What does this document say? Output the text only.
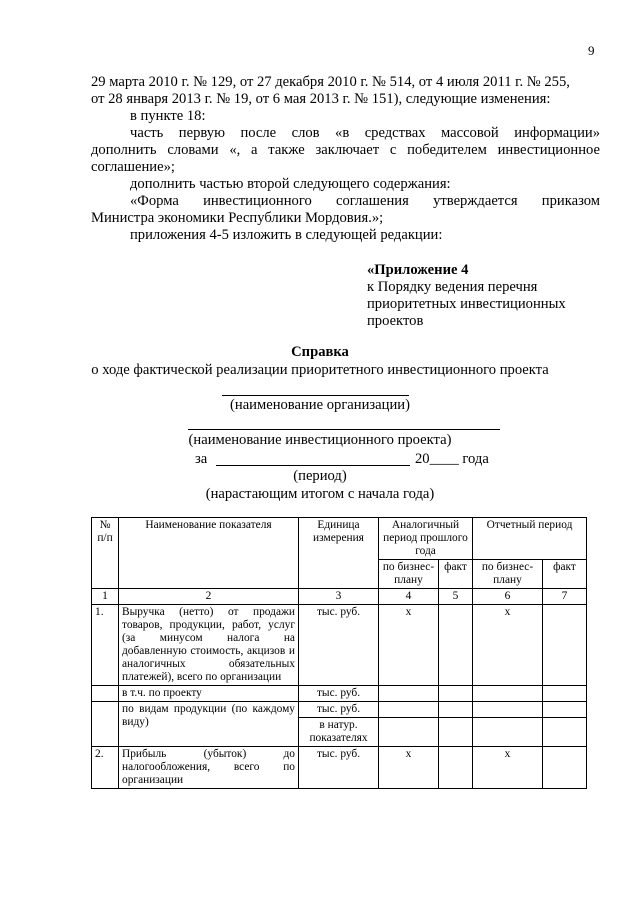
9
29 марта 2010 г. № 129, от 27 декабря 2010 г. № 514, от 4 июля 2011 г. № 255,
от 28 января 2013 г. № 19, от 6 мая 2013 г. № 151), следующие изменения:
в пункте 18:
часть первую после слов «в средствах массовой информации»
дополнить словами «, а также заключает с победителем инвестиционное
соглашение»;
дополнить частью второй следующего содержания:
«Форма инвестиционного соглашения утверждается приказом
Министра экономики Республики Мордовия.»;
приложения 4-5 изложить в следующей редакции:
«Приложение 4
к Порядку ведения перечня
приоритетных инвестиционных
проектов
Справка
о ходе фактической реализации приоритетного инвестиционного проекта
(наименование организации)
(наименование инвестиционного проекта)
за	20____ года
(период)
(нарастающим итогом с начала года)
№ п/п	Наименование показателя	Единица измерения	Аналогичный период прошлого года		Отчетный период	
			по бизнес-плану	факт	по бизнес-плану	факт
1	2	3	4	5	6	7
1.	Выручка (нетто) от продажи товаров, продукции, работ, услуг (за минусом налога на добавленную стоимость, акцизов и аналогичных обязательных платежей), всего по организации	тыс. руб.	х		х	
	в т.ч. по проекту	тыс. руб.				
	по видам продукции (по каждому виду)	тыс. руб.				
		в натур. показателях				
2.	Прибыль (убыток) до налогообложения, всего по организации	тыс. руб.	х		х	
